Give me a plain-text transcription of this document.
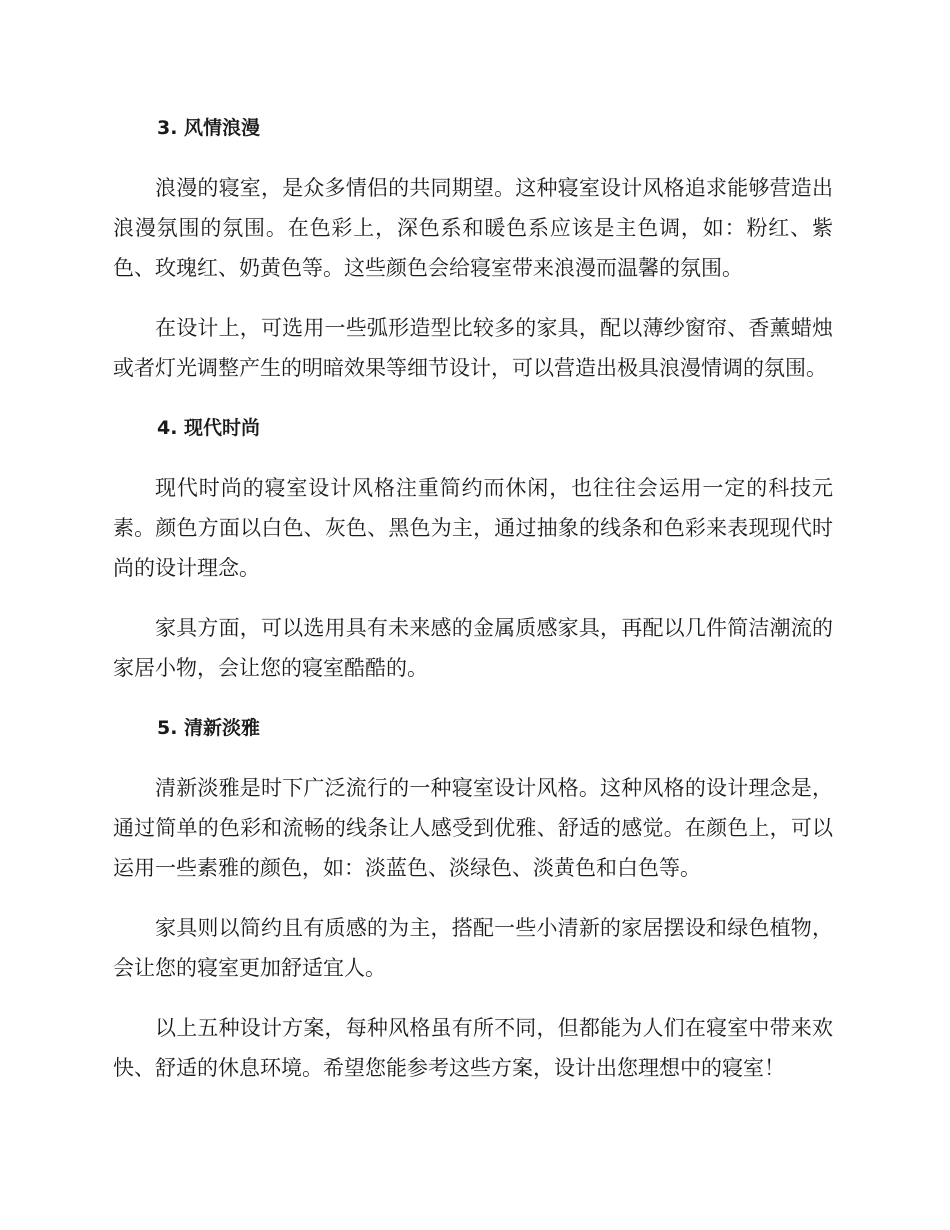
3. 风情浪漫

浪漫的寝室，是众多情侣的共同期望。这种寝室设计风格追求能够营造出浪漫氛围的氛围。在色彩上，深色系和暖色系应该是主色调，如：粉红、紫色、玫瑰红、奶黄色等。这些颜色会给寝室带来浪漫而温馨的氛围。

在设计上，可选用一些弧形造型比较多的家具，配以薄纱窗帘、香薰蜡烛或者灯光调整产生的明暗效果等细节设计，可以营造出极具浪漫情调的氛围。

4. 现代时尚

现代时尚的寝室设计风格注重简约而休闲，也往往会运用一定的科技元素。颜色方面以白色、灰色、黑色为主，通过抽象的线条和色彩来表现现代时尚的设计理念。

家具方面，可以选用具有未来感的金属质感家具，再配以几件简洁潮流的家居小物，会让您的寝室酷酷的。

5. 清新淡雅

清新淡雅是时下广泛流行的一种寝室设计风格。这种风格的设计理念是，通过简单的色彩和流畅的线条让人感受到优雅、舒适的感觉。在颜色上，可以运用一些素雅的颜色，如：淡蓝色、淡绿色、淡黄色和白色等。

家具则以简约且有质感的为主，搭配一些小清新的家居摆设和绿色植物，会让您的寝室更加舒适宜人。

以上五种设计方案，每种风格虽有所不同，但都能为人们在寝室中带来欢快、舒适的休息环境。希望您能参考这些方案，设计出您理想中的寝室！
